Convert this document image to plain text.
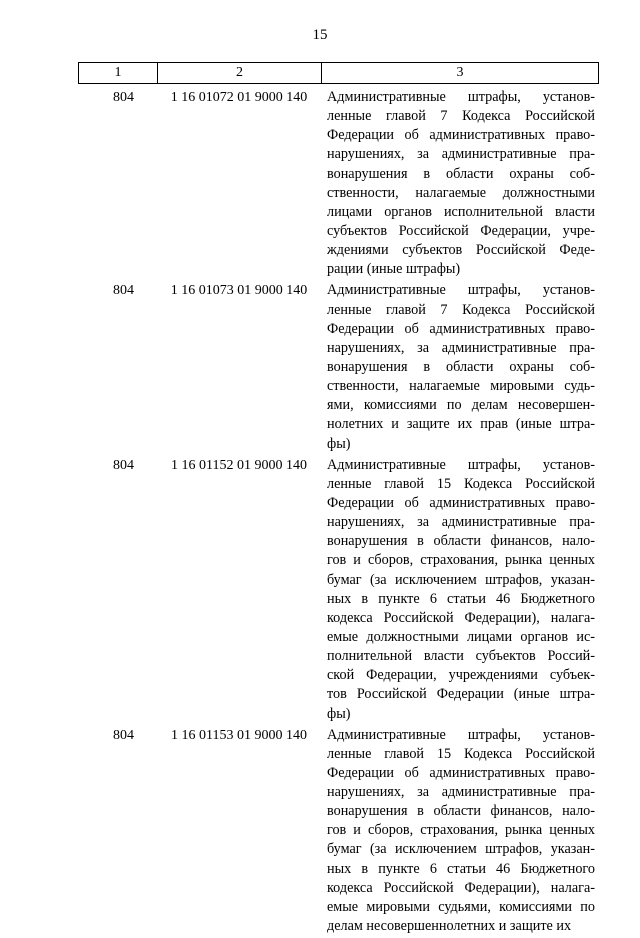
15
1	2	3
804	1 16 01072 01 9000 140	Административные штрафы, установ-
ленные главой 7 Кодекса Российской
Федерации об административных право-
нарушениях, за административные пра-
вонарушения в области охраны соб-
ственности, налагаемые должностными
лицами органов исполнительной власти
субъектов Российской Федерации, учре-
ждениями субъектов Российской Феде-
рации (иные штрафы)
804	1 16 01073 01 9000 140	Административные штрафы, установ-
ленные главой 7 Кодекса Российской
Федерации об административных право-
нарушениях, за административные пра-
вонарушения в области охраны соб-
ственности, налагаемые мировыми судь-
ями, комиссиями по делам несовершен-
нолетних и защите их прав (иные штра-
фы)
804	1 16 01152 01 9000 140	Административные штрафы, установ-
ленные главой 15 Кодекса Российской
Федерации об административных право-
нарушениях, за административные пра-
вонарушения в области финансов, нало-
гов и сборов, страхования, рынка ценных
бумаг (за исключением штрафов, указан-
ных в пункте 6 статьи 46 Бюджетного
кодекса Российской Федерации), налага-
емые должностными лицами органов ис-
полнительной власти субъектов Россий-
ской Федерации, учреждениями субъек-
тов Российской Федерации (иные штра-
фы)
804	1 16 01153 01 9000 140	Административные штрафы, установ-
ленные главой 15 Кодекса Российской
Федерации об административных право-
нарушениях, за административные пра-
вонарушения в области финансов, нало-
гов и сборов, страхования, рынка ценных
бумаг (за исключением штрафов, указан-
ных в пункте 6 статьи 46 Бюджетного
кодекса Российской Федерации), налага-
емые мировыми судьями, комиссиями по
делам несовершеннолетних и защите их
